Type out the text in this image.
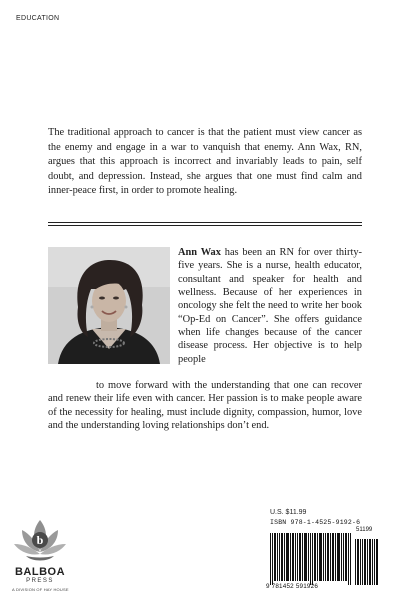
EDUCATION

The traditional approach to cancer is that the patient must view cancer as the enemy and engage in a war to vanquish that enemy. Ann Wax, RN, argues that this approach is incorrect and invariably leads to pain, self doubt, and depression. Instead, she argues that one must find calm and inner-peace first, in order to promote healing.

Ann Wax has been an RN for over thirty-five years. She is a nurse, health educator, consultant and speaker for health and wellness. Because of her experiences in oncology she felt the need to write her book “Op-Ed on Cancer”. She offers guidance when life changes because of the cancer disease process. Her objective is to help people

to move forward with the understanding that one can recover and renew their life even with cancer. Her passion is to make people aware of the necessity for healing, must include dignity, compassion, humor, love and the understanding loving relationships don’t end.

U.S. $11.99
ISBN 978-1-4525-9192-6
51199
9 781452 591926
b
BALBOA
PRESS
A DIVISION OF HAY HOUSE
